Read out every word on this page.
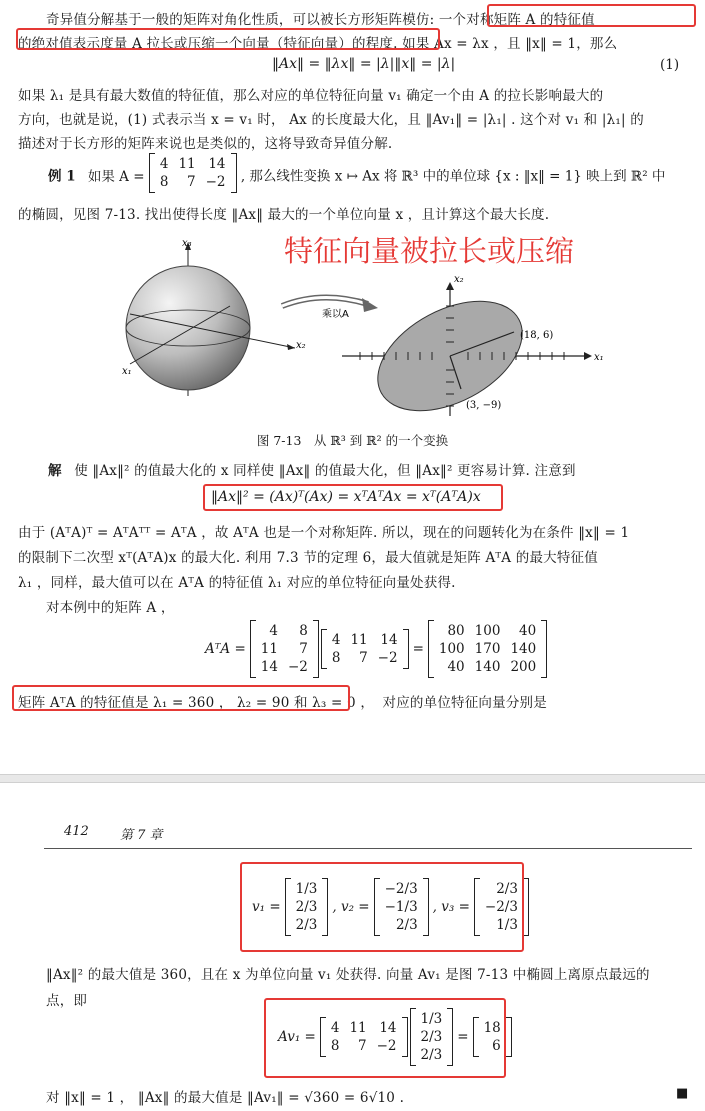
奇异值分解基于一般的矩阵对角化性质，可以被长方形矩阵模仿: 一个对称矩阵 A 的特征值
的绝对值表示度量 A 拉长或压缩一个向量（特征向量）的程度. 如果 Ax = λx ，且 ‖x‖ = 1，那么
‖Ax‖ = ‖λx‖ = |λ|‖x‖ = |λ|	(1)
如果 λ₁ 是具有最大数值的特征值，那么对应的单位特征向量 v₁ 确定一个由 A 的拉长影响最大的
方向，也就是说，(1) 式表示当 x = v₁ 时， Ax 的长度最大化，且 ‖Av₁‖ = |λ₁| . 这个对 v₁ 和 |λ₁| 的
描述对于长方形的矩阵来说也是类似的，这将导致奇异值分解.
例 1 如果 A =
4 11 14
8	7 −2	, 那么线性变换 x ↦ Ax 将 ℝ³ 中的单位球 {x : ‖x‖ = 1} 映上到 ℝ² 中
的椭圆，见图 7-13. 找出使得长度 ‖Ax‖ 最大的一个单位向量 x ，且计算这个最大长度.
特征向量被拉长或压缩
x₃
x₂
x₁
乘以A
x₂
x₁
(18, 6)
(3, −9)
图 7-13　从 ℝ³ 到 ℝ² 的一个变换
解 使 ‖Ax‖² 的值最大化的 x 同样使 ‖Ax‖ 的值最大化，但 ‖Ax‖² 更容易计算. 注意到
‖Ax‖² = (Ax)ᵀ(Ax) = xᵀAᵀAx = xᵀ(AᵀA)x
由于 (AᵀA)ᵀ = AᵀAᵀᵀ = AᵀA ，故 AᵀA 也是一个对称矩阵. 所以，现在的问题转化为在条件 ‖x‖ = 1
的限制下二次型 xᵀ(AᵀA)x 的最大化. 利用 7.3 节的定理 6，最大值就是矩阵 AᵀA 的最大特征值
λ₁ ，同样，最大值可以在 AᵀA 的特征值 λ₁ 对应的单位特征向量处获得.
对本例中的矩阵 A ，
AᵀA =
4	8
11	7
14 −2
4 11 14
8	7 −2
=
80 100	40
100 170 140
40 140 200
矩阵 AᵀA 的特征值是 λ₁ = 360 ， λ₂ = 90 和 λ₃ = 0 ， 对应的单位特征向量分别是
412 第 7 章
v₁ =
1/3
2/3
2/3
, v₂ =
−2/3
−1/3
2/3
, v₃ =
2/3
−2/3
1/3
‖Ax‖² 的最大值是 360，且在 x 为单位向量 v₁ 处获得. 向量 Av₁ 是图 7-13 中椭圆上离原点最远的
点，即
Av₁ =
4 11 14
8	7 −2
1/3
2/3
2/3
=
18
6
对 ‖x‖ = 1 ， ‖Ax‖ 的最大值是 ‖Av₁‖ = √360 = 6√10 .	■
